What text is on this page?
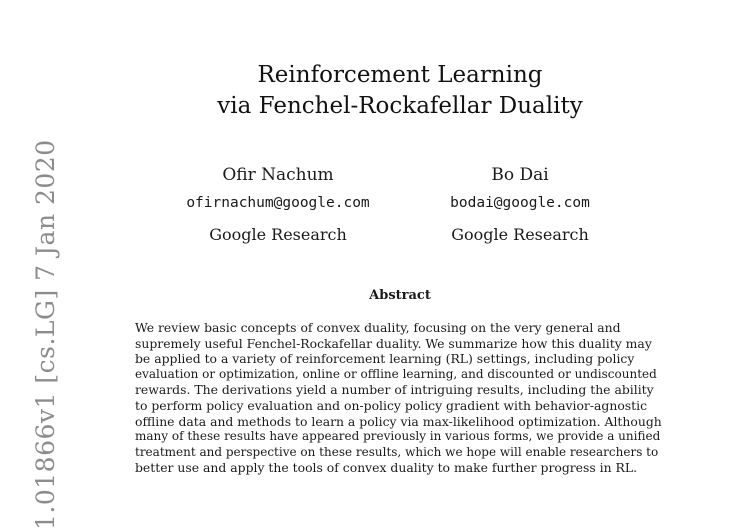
Reinforcement Learning
via Fenchel-Rockafellar Duality
Ofir Nachum
ofirnachum@google.com
Google Research
Bo Dai
bodai@google.com
Google Research
Abstract
We review basic concepts of convex duality, focusing on the very general and
supremely useful Fenchel-Rockafellar duality. We summarize how this duality may
be applied to a variety of reinforcement learning (RL) settings, including policy
evaluation or optimization, online or offline learning, and discounted or undiscounted
rewards. The derivations yield a number of intriguing results, including the ability
to perform policy evaluation and on-policy policy gradient with behavior-agnostic
offline data and methods to learn a policy via max-likelihood optimization. Although
many of these results have appeared previously in various forms, we provide a unified
treatment and perspective on these results, which we hope will enable researchers to
better use and apply the tools of convex duality to make further progress in RL.
1.01866v1 [cs.LG] 7 Jan 2020
